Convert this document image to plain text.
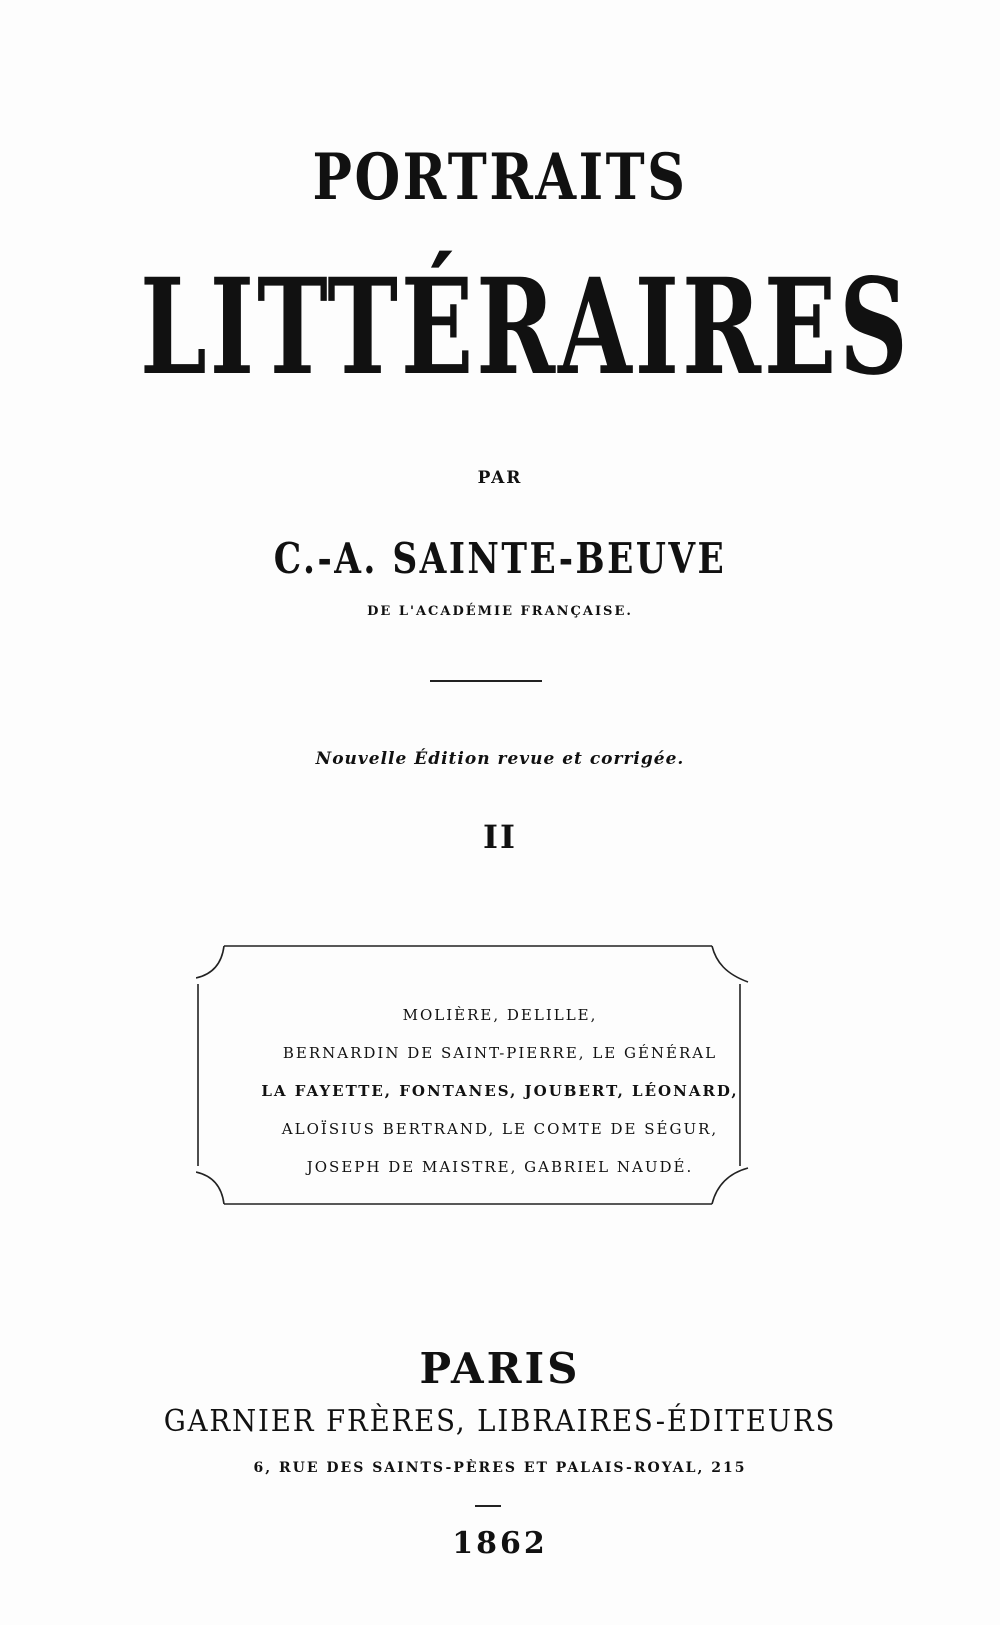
PORTRAITS
LITTÉRAIRES
PAR
C.-A. SAINTE-BEUVE
DE L'ACADÉMIE FRANÇAISE.
Nouvelle Édition revue et corrigée.
II
MOLIÈRE, DELILLE,
BERNARDIN DE SAINT-PIERRE, LE GÉNÉRAL
LA FAYETTE, FONTANES, JOUBERT, LÉONARD,
ALOÏSIUS BERTRAND, LE COMTE DE SÉGUR,
JOSEPH DE MAISTRE, GABRIEL NAUDÉ.
PARIS
GARNIER FRÈRES, LIBRAIRES-ÉDITEURS
6, RUE DES SAINTS-PÈRES ET PALAIS-ROYAL, 215
1862
